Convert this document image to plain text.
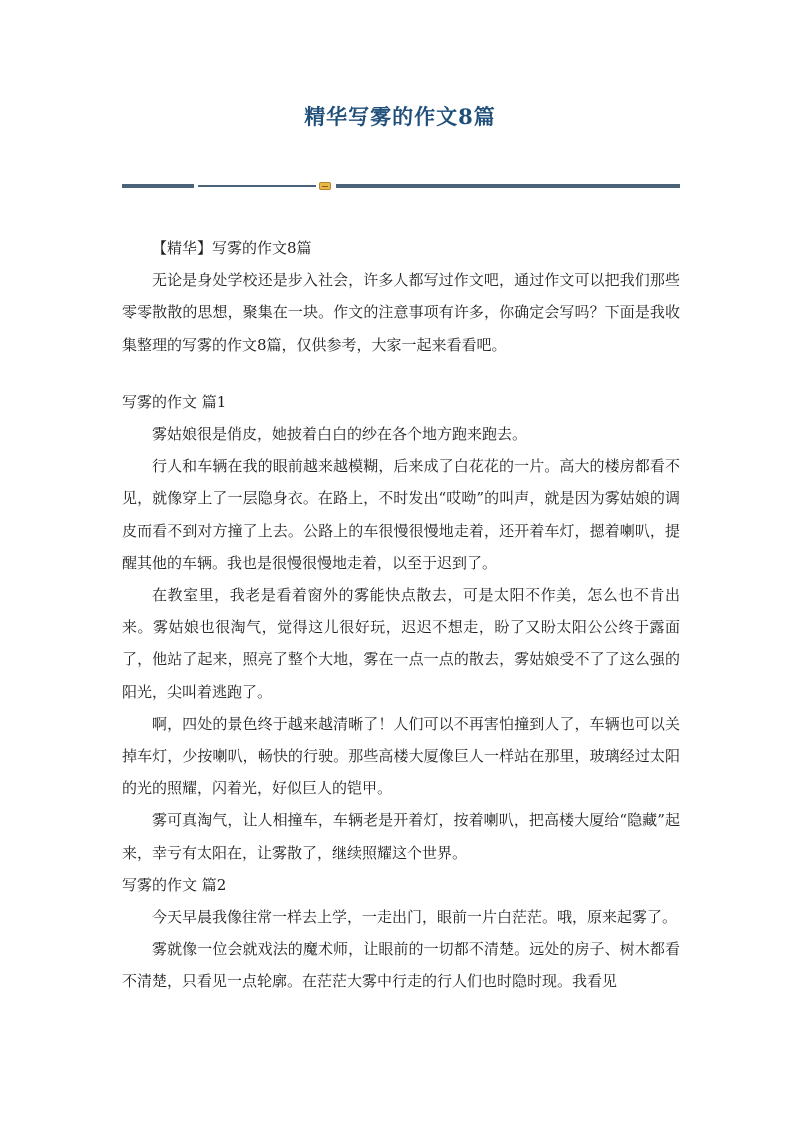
精华写雾的作文8篇

【精华】写雾的作文8篇

无论是身处学校还是步入社会，许多人都写过作文吧，通过作文可以把我们那些零零散散的思想，聚集在一块。作文的注意事项有许多，你确定会写吗？下面是我收集整理的写雾的作文8篇，仅供参考，大家一起来看看吧。

写雾的作文 篇1

雾姑娘很是俏皮，她披着白白的纱在各个地方跑来跑去。

行人和车辆在我的眼前越来越模糊，后来成了白花花的一片。高大的楼房都看不见，就像穿上了一层隐身衣。在路上，不时发出“哎呦”的叫声，就是因为雾姑娘的调皮而看不到对方撞了上去。公路上的车很慢很慢地走着，还开着车灯，摁着喇叭，提醒其他的车辆。我也是很慢很慢地走着，以至于迟到了。

在教室里，我老是看着窗外的雾能快点散去，可是太阳不作美，怎么也不肯出来。雾姑娘也很淘气，觉得这儿很好玩，迟迟不想走，盼了又盼太阳公公终于露面了，他站了起来，照亮了整个大地，雾在一点一点的散去，雾姑娘受不了了这么强的阳光，尖叫着逃跑了。

啊，四处的景色终于越来越清晰了！人们可以不再害怕撞到人了，车辆也可以关掉车灯，少按喇叭，畅快的行驶。那些高楼大厦像巨人一样站在那里，玻璃经过太阳的光的照耀，闪着光，好似巨人的铠甲。

雾可真淘气，让人相撞车，车辆老是开着灯，按着喇叭，把高楼大厦给“隐藏”起来，幸亏有太阳在，让雾散了，继续照耀这个世界。

写雾的作文 篇2

今天早晨我像往常一样去上学，一走出门，眼前一片白茫茫。哦，原来起雾了。

雾就像一位会就戏法的魔术师，让眼前的一切都不清楚。远处的房子、树木都看不清楚，只看见一点轮廓。在茫茫大雾中行走的行人们也时隐时现。我看见
